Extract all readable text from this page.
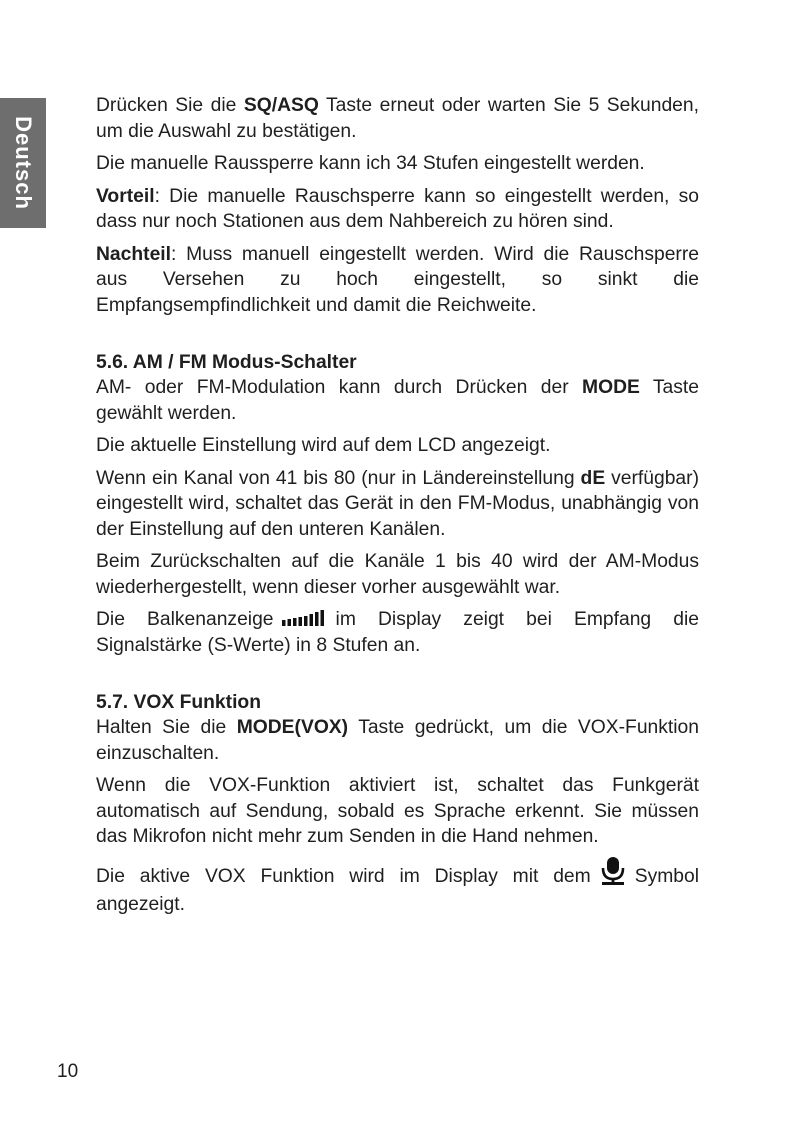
Deutsch

Drücken Sie die SQ/ASQ Taste erneut oder warten Sie 5 Sekunden, um die Auswahl zu bestätigen.

Die manuelle Raussperre kann ich 34 Stufen eingestellt werden.

Vorteil: Die manuelle Rauschsperre kann so eingestellt werden, so dass nur noch Stationen aus dem Nahbereich zu hören sind.

Nachteil: Muss manuell eingestellt werden. Wird die Rauschsperre aus Versehen zu hoch eingestellt, so sinkt die Empfangsempfindlichkeit und damit die Reichweite.

5.6. AM / FM Modus-Schalter

AM- oder FM-Modulation kann durch Drücken der MODE Taste gewählt werden.

Die aktuelle Einstellung wird auf dem LCD angezeigt.

Wenn ein Kanal von 41 bis 80 (nur in Ländereinstellung dE verfügbar) eingestellt wird, schaltet das Gerät in den FM-Modus, unabhängig von der Einstellung auf den unteren Kanälen.

Beim Zurückschalten auf die Kanäle 1 bis 40 wird der AM-Modus wiederhergestellt, wenn dieser vorher ausgewählt war.

Die Balkenanzeige	im Display zeigt bei Empfang die Signalstärke (S-Werte) in 8 Stufen an.

5.7. VOX Funktion

Halten Sie die MODE(VOX) Taste gedrückt, um die VOX-Funktion einzuschalten.

Wenn die VOX-Funktion aktiviert ist, schaltet das Funkgerät automatisch auf Sendung, sobald es Sprache erkennt. Sie müssen das Mikrofon nicht mehr zum Senden in die Hand nehmen.

Die aktive VOX Funktion wird im Display mit dem Symbol angezeigt.

10
